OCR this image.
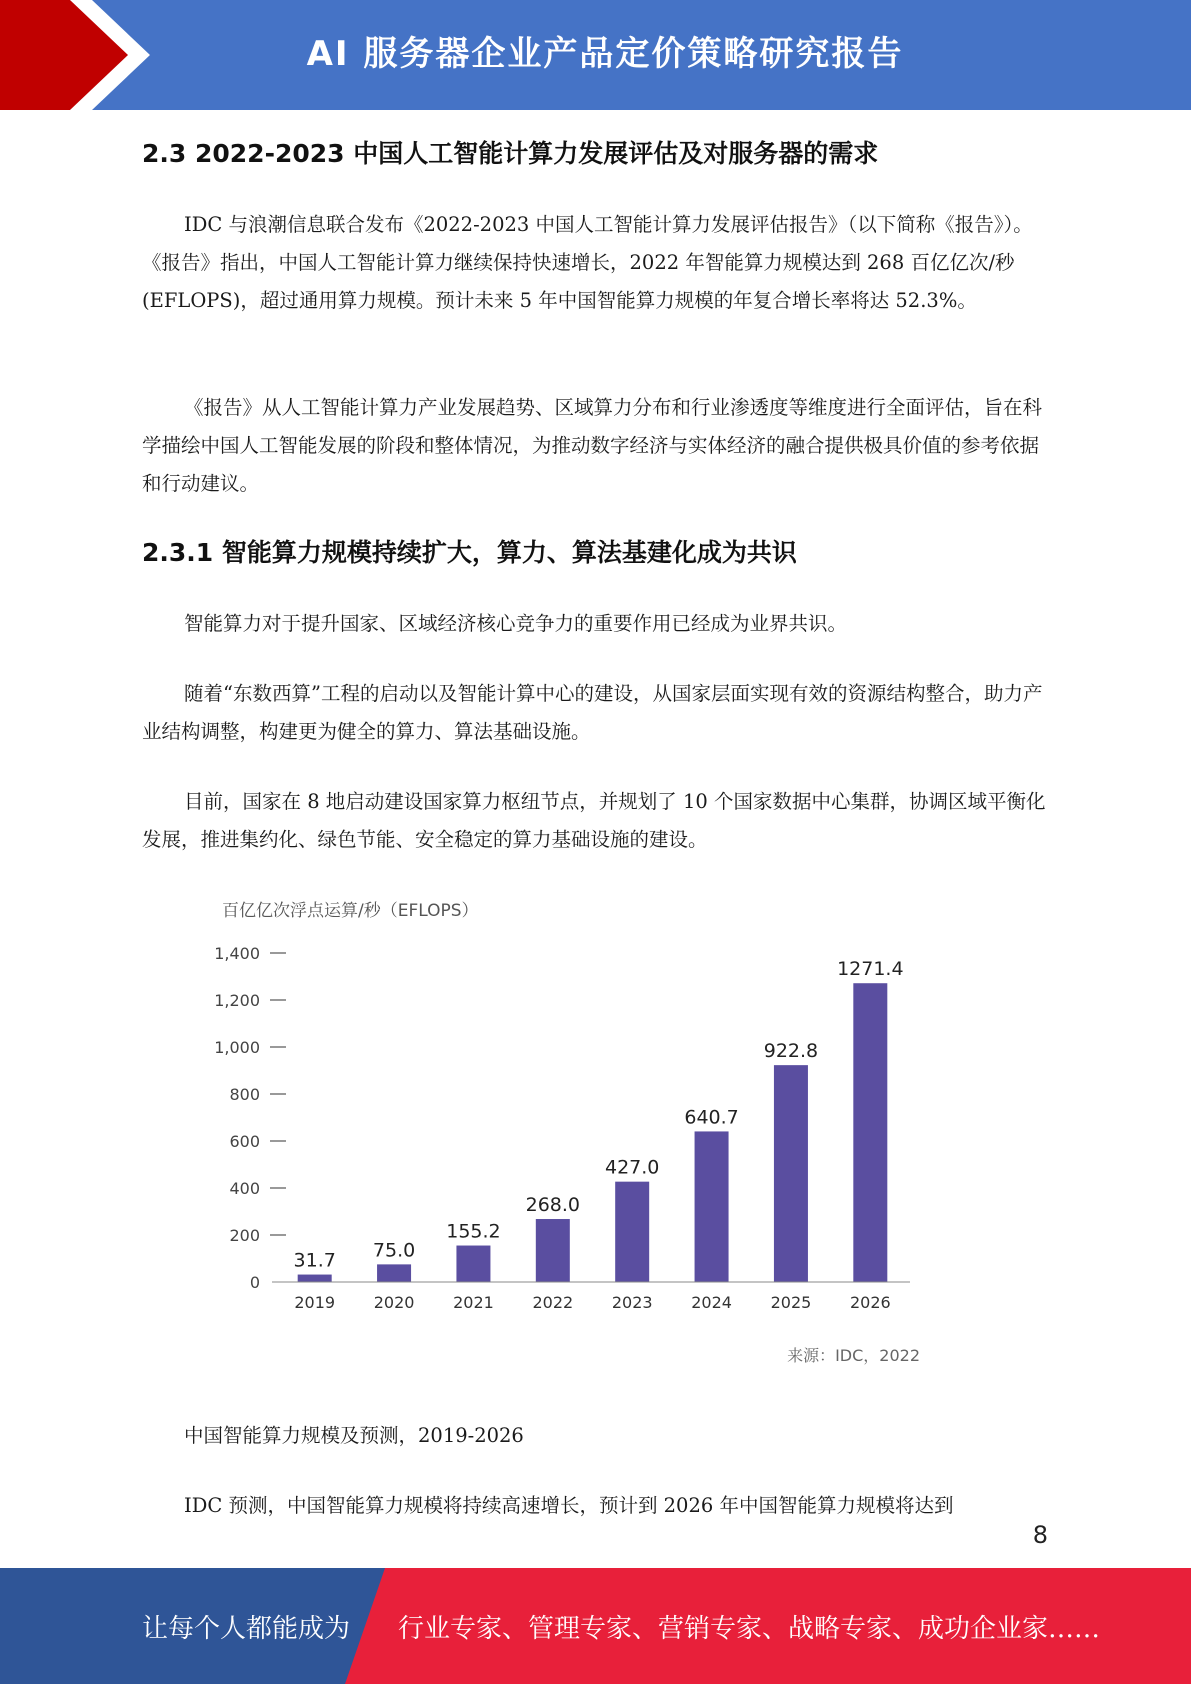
AI 服务器企业产品定价策略研究报告
2.3 2022-2023 中国人工智能计算力发展评估及对服务器的需求

IDC 与浪潮信息联合发布《2022-2023 中国人工智能计算力发展评估报告》（以下简称《报告》）。《报告》指出，中国人工智能计算力继续保持快速增长，2022 年智能算力规模达到 268 百亿亿次/秒(EFLOPS)，超过通用算力规模。预计未来 5 年中国智能算力规模的年复合增长率将达 52.3%。

《报告》从人工智能计算力产业发展趋势、区域算力分布和行业渗透度等维度进行全面评估，旨在科学描绘中国人工智能发展的阶段和整体情况，为推动数字经济与实体经济的融合提供极具价值的参考依据和行动建议。

2.3.1 智能算力规模持续扩大，算力、算法基建化成为共识

智能算力对于提升国家、区域经济核心竞争力的重要作用已经成为业界共识。

随着“东数西算”工程的启动以及智能计算中心的建设，从国家层面实现有效的资源结构整合，助力产业结构调整，构建更为健全的算力、算法基础设施。

目前，国家在 8 地启动建设国家算力枢纽节点，并规划了 10 个国家数据中心集群，协调区域平衡化发展，推进集约化、绿色节能、安全稳定的算力基础设施的建设。

百亿亿次浮点运算/秒（EFLOPS）
0
200
400
600
800
1,000
1,200
1,400
31.7 75.0
155.2
268.0
427.0
640.7
922.8
1271.4
2019 2020 2021 2022 2023 2024 2025 2026
来源：IDC，2022

中国智能算力规模及预测，2019-2026

IDC 预测，中国智能算力规模将持续高速增长，预计到 2026 年中国智能算力规模将达到

8
让每个人都能成为 行业专家、管理专家、营销专家、战略专家、成功企业家……
